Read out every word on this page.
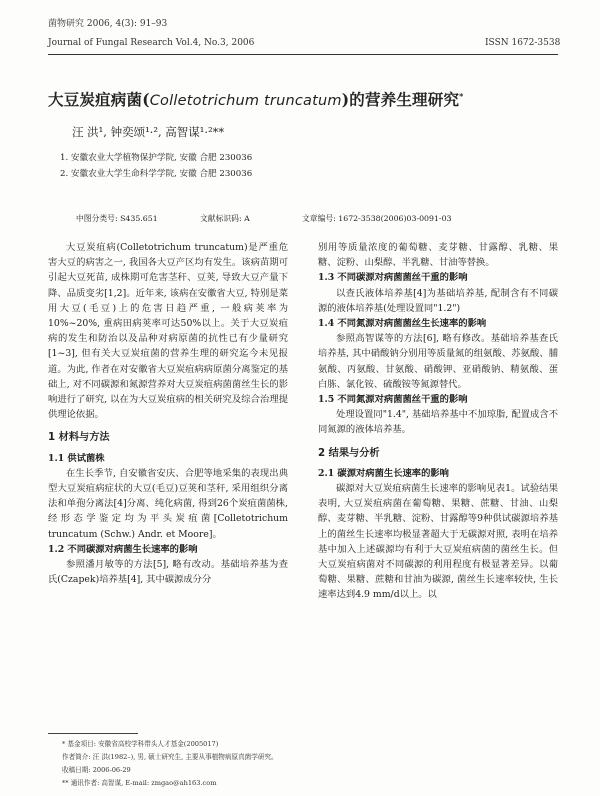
菌物研究 2006, 4(3): 91–93
Journal of Fungal Research Vol.4, No.3, 2006	ISSN 1672-3538
大豆炭疽病菌(Colletotrichum truncatum)的营养生理研究*
汪 洪¹, 钟奕颂¹·², 高智谋¹·²**
1. 安徽农业大学植物保护学院, 安徽 合肥 230036
2. 安徽农业大学生命科学学院, 安徽 合肥 230036
中图分类号: S435.651	文献标识码: A	文章编号: 1672-3538(2006)03-0091-03

大豆炭疽病(Colletotrichum truncatum)是严重危害大豆的病害之一, 我国各大豆产区均有发生。该病苗期可引起大豆死苗, 成株期可危害茎秆、豆荚, 导致大豆产量下降、品质变劣[1,2]。近年来, 该病在安徽省大豆, 特别是菜用大豆(毛豆)上的危害日趋严重, 一般病荚率为10%~20%, 重病田病荚率可达50%以上。关于大豆炭疽病的发生和防治以及品种对病原菌的抗性已有少量研究[1~3], 但有关大豆炭疽菌的营养生理的研究迄今未见报道。为此, 作者在对安徽省大豆炭疽病病原菌分离鉴定的基础上, 对不同碳源和氮源营养对大豆炭疽病菌菌丝生长的影响进行了研究, 以在为大豆炭疽病的相关研究及综合治理提供理论依据。

1 材料与方法
1.1 供试菌株

在生长季节, 自安徽省安庆、合肥等地采集的表现出典型大豆炭疽病症状的大豆(毛豆)豆荚和茎秆, 采用组织分离法和单孢分离法[4]分离、纯化病菌, 得到26个炭疽菌菌株, 经形态学鉴定均为平头炭疽菌[Colletotrichum truncatum (Schw.) Andr. et Moore]。

1.2 不同碳源对病菌生长速率的影响

参照潘月敏等的方法[5], 略有改动。基础培养基为查氏(Czapek)培养基[4], 其中碳源成分分

别用等质量浓度的葡萄糖、麦芽糖、甘露醇、乳糖、果糖、淀粉、山梨醇、半乳糖、甘油等替换。

1.3 不同碳源对病菌菌丝干重的影响

以查氏液体培养基[4]为基础培养基, 配制含有不同碳源的液体培养基(处理设置同"1.2")

1.4 不同氮源对病菌菌丝生长速率的影响

参照高智谋等的方法[6], 略有修改。基础培养基查氏培养基, 其中硝酸钠分别用等质量氮的组氨酸、苏氨酸、脯氨酸、丙氨酸、甘氨酸、硝酸钾、亚硝酸钠、精氨酸、蛋白胨、氯化铵、硫酸铵等氮源替代。

1.5 不同氮源对病菌菌丝干重的影响

处理设置同"1.4", 基础培养基中不加琼脂, 配置成含不同氮源的液体培养基。

2 结果与分析
2.1 碳源对病菌生长速率的影响

碳源对大豆炭疽病菌生长速率的影响见表1。试验结果表明, 大豆炭疽病菌在葡萄糖、果糖、蔗糖、甘油、山梨醇、麦芽糖、半乳糖、淀粉、甘露醇等9种供试碳源培养基上的菌丝生长速率均极显著超大于无碳源对照, 表明在培养基中加入上述碳源均有利于大豆炭疽病菌的菌丝生长。但大豆炭疽病菌对不同碳源的利用程度有极显著差异。以葡萄糖、果糖、蔗糖和甘油为碳源, 菌丝生长速率较快, 生长速率达到4.9 mm/d以上。以

* 基金项目: 安徽省高校学科带头人才基金(2005017)
作者简介: 汪 洪(1982–), 男, 硕士研究生, 主要从事植物病原真菌学研究。
收稿日期: 2006-06-29
** 通讯作者: 高智谋, E-mail: zmgao@ah163.com
